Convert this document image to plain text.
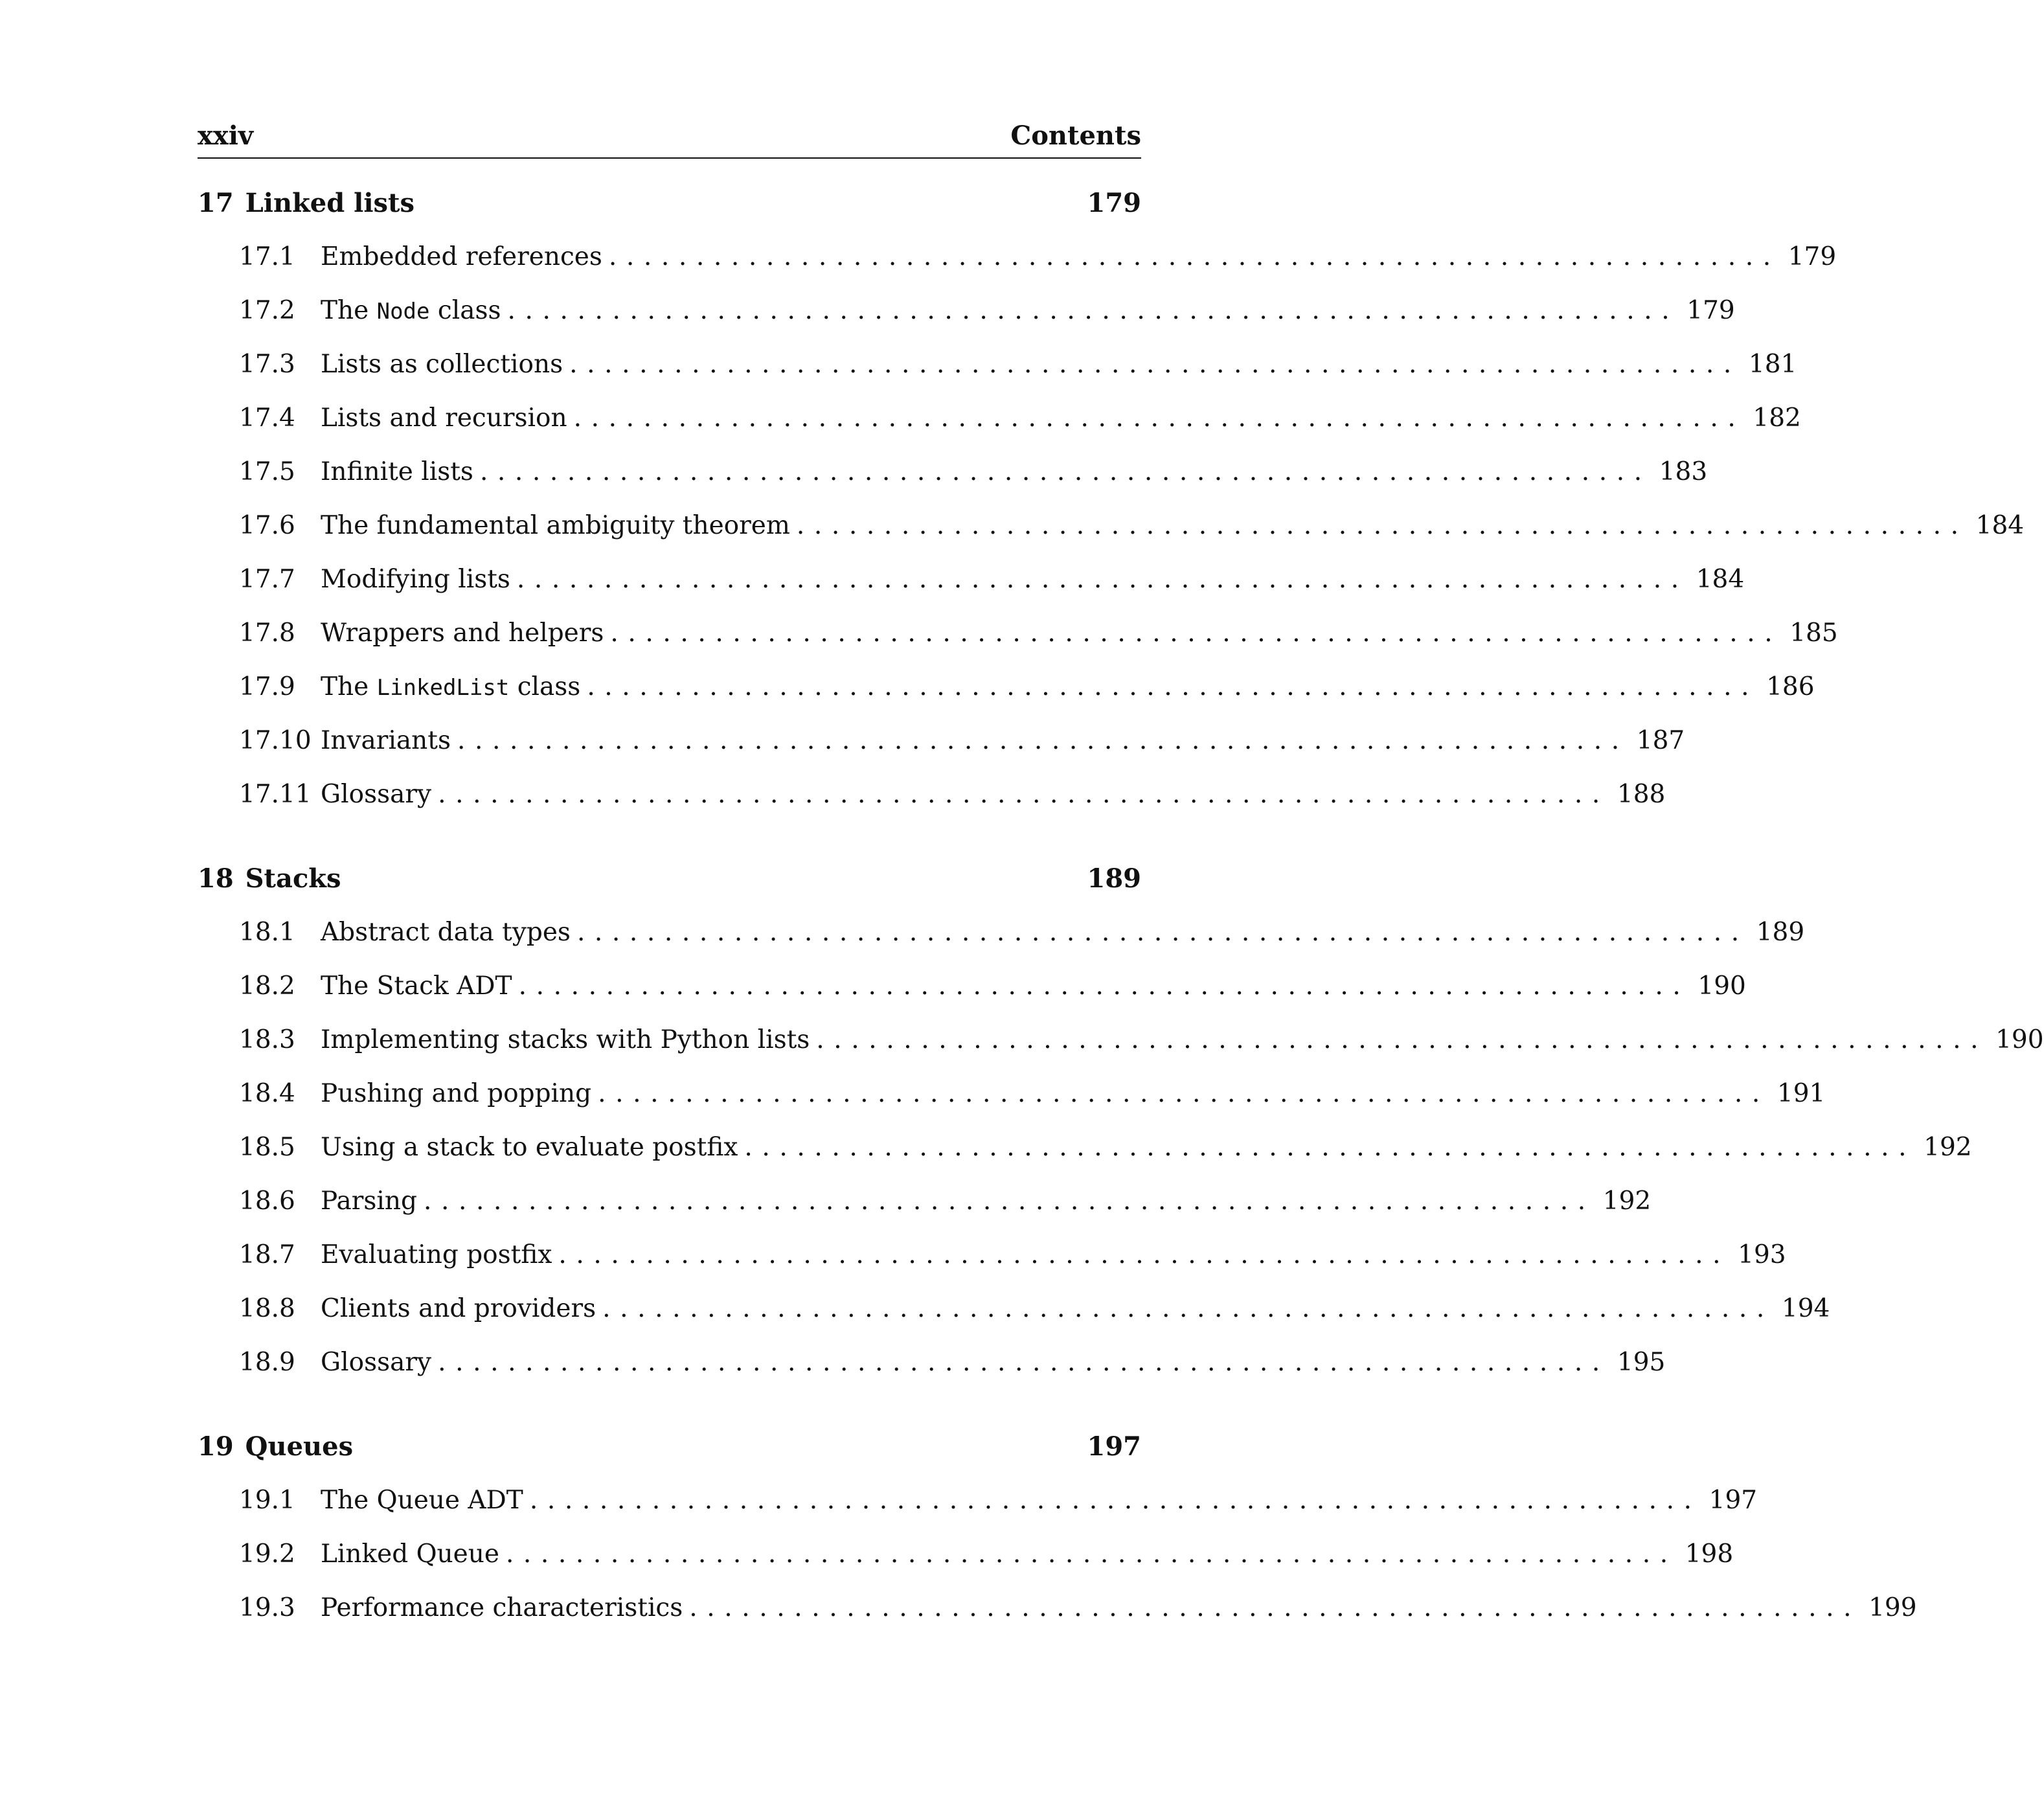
xxiv	Contents
17 Linked lists	179
17.1	Embedded references ................................................................... 179
17.2	The Node class ................................................................... 179
17.3	Lists as collections ................................................................... 181
17.4	Lists and recursion ................................................................... 182
17.5	Infinite lists ................................................................... 183
17.6	The fundamental ambiguity theorem ................................................................... 184
17.7	Modifying lists ................................................................... 184
17.8	Wrappers and helpers ................................................................... 185
17.9	The LinkedList class ................................................................... 186
17.10 Invariants ................................................................... 187
17.11 Glossary ................................................................... 188
18 Stacks	189
18.1	Abstract data types ................................................................... 189
18.2	The Stack ADT ................................................................... 190
18.3	Implementing stacks with Python lists ................................................................... 190
18.4	Pushing and popping ................................................................... 191
18.5	Using a stack to evaluate postfix ................................................................... 192
18.6	Parsing ................................................................... 192
18.7	Evaluating postfix ................................................................... 193
18.8	Clients and providers ................................................................... 194
18.9	Glossary ................................................................... 195
19 Queues	197
19.1	The Queue ADT ................................................................... 197
19.2	Linked Queue ................................................................... 198
19.3	Performance characteristics ................................................................... 199
